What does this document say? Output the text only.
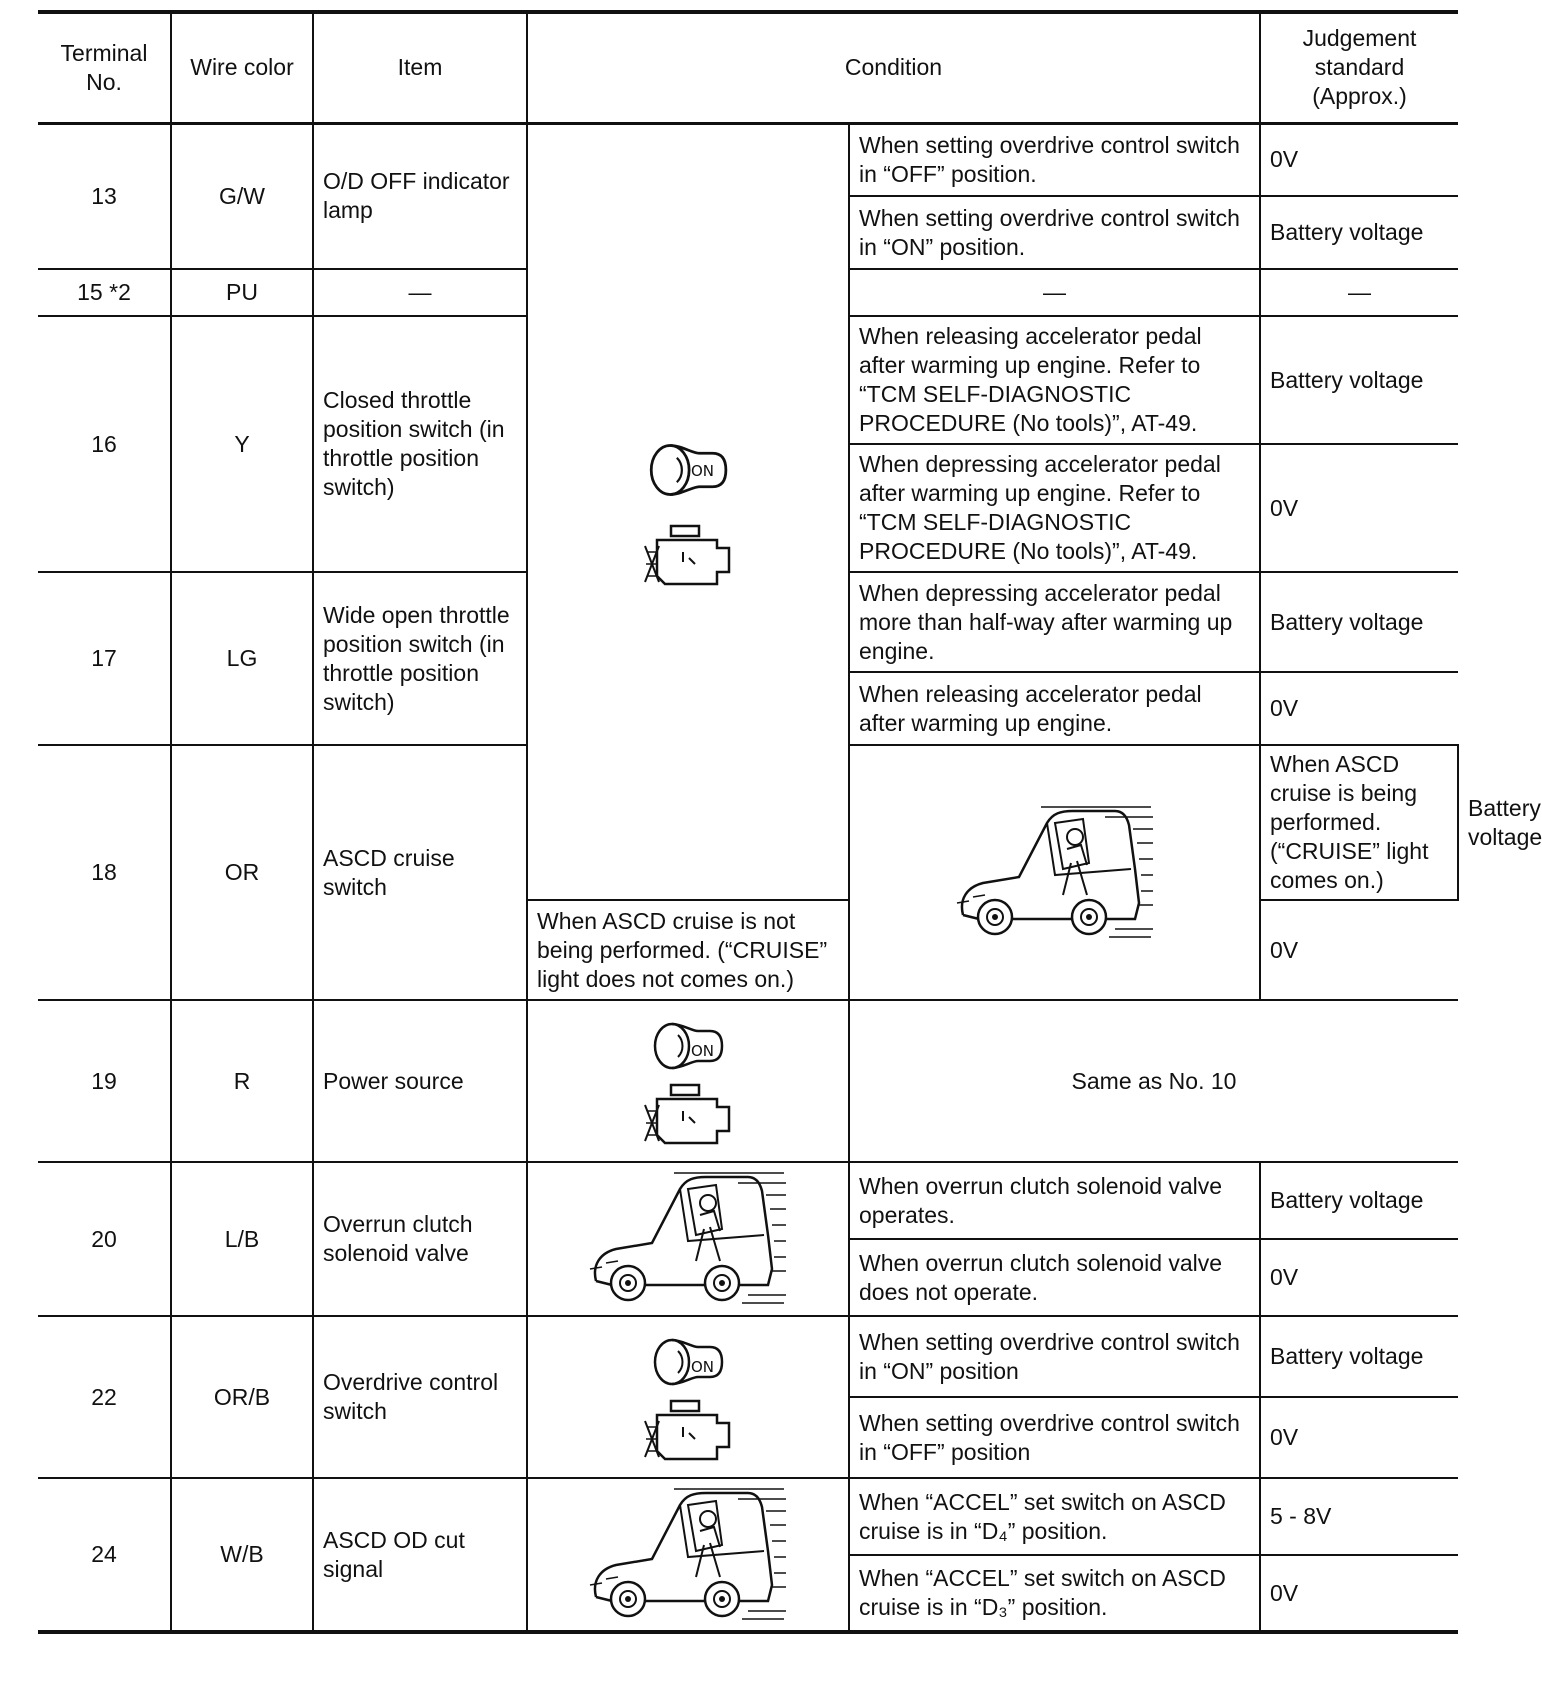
Terminal No.	Wire color	Item	Condition		Judgement standard (Approx.)	
13	G/W	O/D OFF indicator lamp	ON	When setting overdrive control switch in “OFF” position.	0V	
				When setting overdrive control switch in “ON” position.	Battery voltage	
15 *2	PU	—		—	—	
16	Y	Closed throttle position switch (in throttle position switch)		When releasing accelerator pedal after warming up engine. Refer to “TCM SELF-DIAGNOSTIC PROCEDURE (No tools)”, AT-49.	Battery voltage	
				When depressing accelerator pedal after warming up engine. Refer to “TCM SELF-DIAGNOSTIC PROCEDURE (No tools)”, AT-49.	0V	
17	LG	Wide open throttle position switch (in throttle position switch)		When depressing accelerator pedal more than half-way after warming up engine.	Battery voltage	
				When releasing accelerator pedal after warming up engine.	0V	
18	OR	ASCD cruise switch			When ASCD cruise is being performed. (“CRUISE” light comes on.)	Battery voltage
			When ASCD cruise is not being performed. (“CRUISE” light does not comes on.)		0V	
19	R	Power source	ON	Same as No. 10		
20	L/B	Overrun clutch solenoid valve		When overrun clutch solenoid valve operates.	Battery voltage	
				When overrun clutch solenoid valve does not operate.	0V	
22	OR/B	Overdrive control switch	ON	When setting overdrive control switch in “ON” position	Battery voltage	
				When setting overdrive control switch in “OFF” position	0V	
24	W/B	ASCD OD cut signal		When “ACCEL” set switch on ASCD cruise is in “D₄” position.	5 - 8V	
				When “ACCEL” set switch on ASCD cruise is in “D₃” position.	0V	
